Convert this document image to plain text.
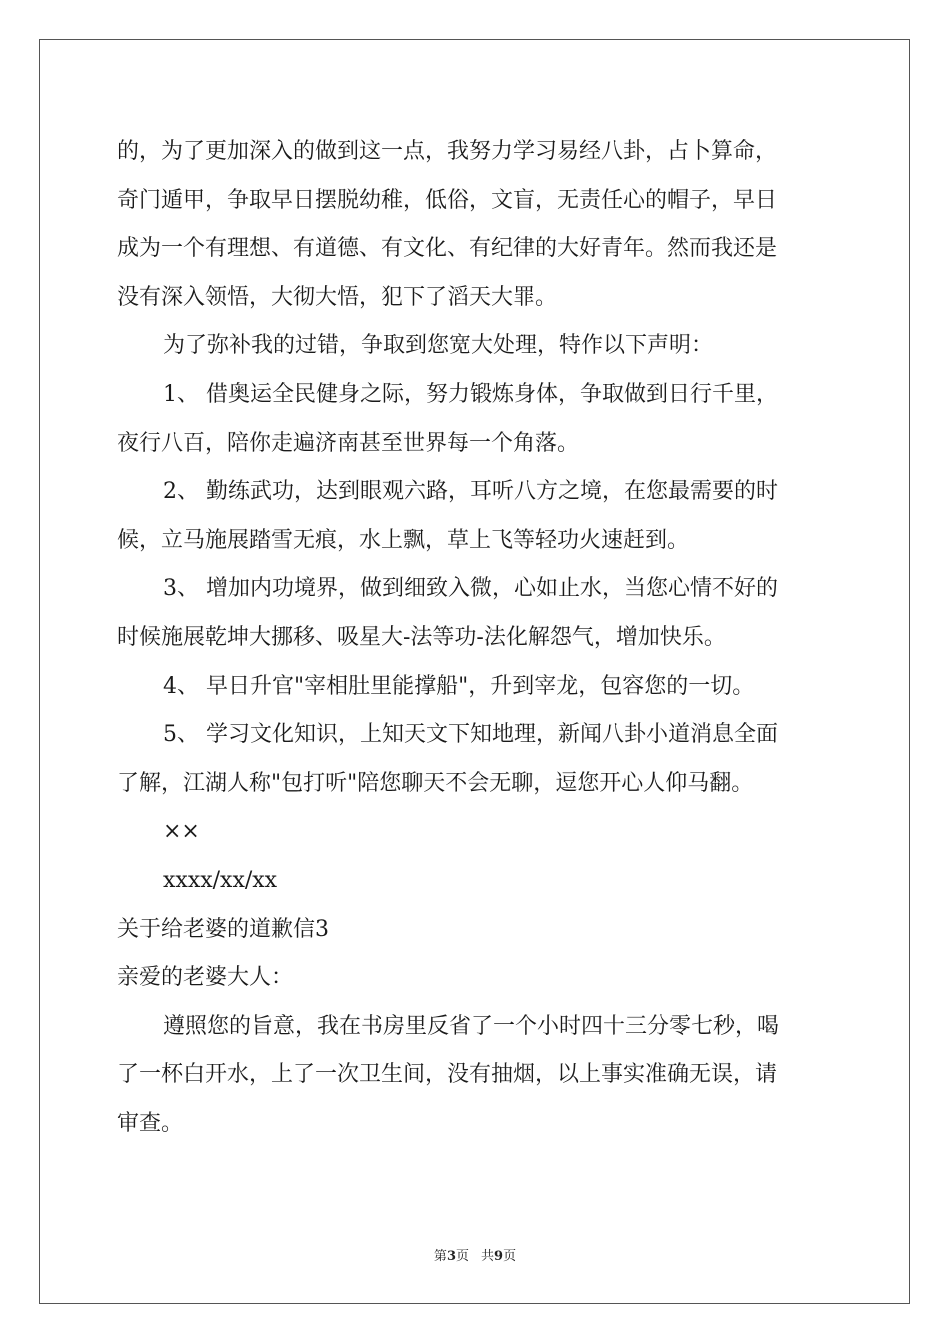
的，为了更加深入的做到这一点，我努力学习易经八卦，占卜算命，
奇门遁甲，争取早日摆脱幼稚，低俗，文盲，无责任心的帽子，早日
成为一个有理想、有道德、有文化、有纪律的大好青年。然而我还是
没有深入领悟，大彻大悟，犯下了滔天大罪。
为了弥补我的过错，争取到您宽大处理，特作以下声明：
1、 借奥运全民健身之际，努力锻炼身体，争取做到日行千里，
夜行八百，陪你走遍济南甚至世界每一个角落。
2、 勤练武功，达到眼观六路，耳听八方之境，在您最需要的时
候，立马施展踏雪无痕，水上飘，草上飞等轻功火速赶到。
3、 增加内功境界，做到细致入微，心如止水，当您心情不好的
时候施展乾坤大挪移、吸星大-法等功-法化解怨气，增加快乐。
4、 早日升官"宰相肚里能撑船"，升到宰龙，包容您的一切。
5、 学习文化知识，上知天文下知地理，新闻八卦小道消息全面
了解，江湖人称"包打听"陪您聊天不会无聊，逗您开心人仰马翻。
××
xxxx/xx/xx
关于给老婆的道歉信3
亲爱的老婆大人：
遵照您的旨意，我在书房里反省了一个小时四十三分零七秒，喝
了一杯白开水，上了一次卫生间，没有抽烟，以上事实准确无误，请
审查。
第3页 共9页
